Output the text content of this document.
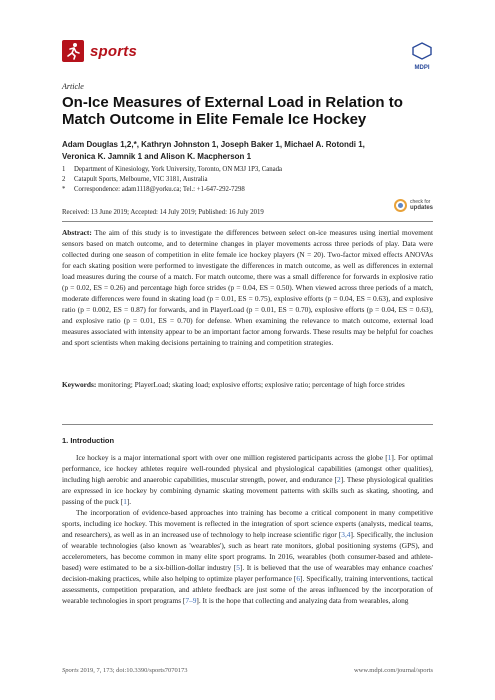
sports
MDPI
Article
On-Ice Measures of External Load in Relation to Match Outcome in Elite Female Ice Hockey
Adam Douglas 1,2,*, Kathryn Johnston 1, Joseph Baker 1, Michael A. Rotondi 1,
Veronica K. Jamnik 1 and Alison K. Macpherson 1
1	Department of Kinesiology, York University, Toronto, ON M3J 1P3, Canada
2	Catapult Sports, Melbourne, VIC 3181, Australia
*	Correspondence: adam1118@yorku.ca; Tel.: +1-647-292-7298
check for
updates
Received: 13 June 2019; Accepted: 14 July 2019; Published: 16 July 2019
Abstract: The aim of this study is to investigate the differences between select on-ice measures using inertial movement sensors based on match outcome, and to determine changes in player movements across three periods of play. Data were collected during one season of competition in elite female ice hockey players (N = 20). Two-factor mixed effects ANOVAs for each skating position were performed to investigate the differences in match outcome, as well as differences in external load measures during the course of a match. For match outcome, there was a small difference for forwards in explosive ratio (p = 0.02, ES = 0.26) and percentage high force strides (p = 0.04, ES = 0.50). When viewed across three periods of a match, moderate differences were found in skating load (p = 0.01, ES = 0.75), explosive efforts (p = 0.04, ES = 0.63), and explosive ratio (p = 0.002, ES = 0.87) for forwards, and in PlayerLoad (p = 0.01, ES = 0.70), explosive efforts (p = 0.04, ES = 0.63), and explosive ratio (p = 0.01, ES = 0.70) for defense. When examining the relevance to match outcome, external load measures associated with intensity appear to be an important factor among forwards. These results may be helpful for coaches and sport scientists when making decisions pertaining to training and competition strategies.
Keywords: monitoring; PlayerLoad; skating load; explosive efforts; explosive ratio; percentage of high force strides
1. Introduction

Ice hockey is a major international sport with over one million registered participants across the globe [1]. For optimal performance, ice hockey athletes require well-rounded physical and physiological capabilities (amongst other qualities), including high aerobic and anaerobic capabilities, muscular strength, power, and endurance [2]. These physiological qualities are expressed in ice hockey by combining dynamic skating movement patterns with skills such as skating, shooting, and passing of the puck [1].

The incorporation of evidence-based approaches into training has become a critical component in many competitive sports, including ice hockey. This movement is reflected in the integration of sport science experts (analysts, medical teams, and researchers), as well as in an increased use of technology to help increase scientific rigor [3,4]. Specifically, the inclusion of wearable technologies (also known as 'wearables'), such as heart rate monitors, global positioning systems (GPS), and accelerometers, has become common in many elite sport programs. In 2016, wearables (both consumer-based and athlete-based) were estimated to be a six-billion-dollar industry [5]. It is believed that the use of wearables may enhance coaches' decision-making practices, while also helping to optimize player performance [6]. Specifically, training interventions, tactical assessments, competition preparation, and athlete feedback are just some of the areas influenced by the incorporation of wearable technologies in sport programs [7–9]. It is the hope that collecting and analyzing data from wearables, along

Sports 2019, 7, 173; doi:10.3390/sports7070173	www.mdpi.com/journal/sports
